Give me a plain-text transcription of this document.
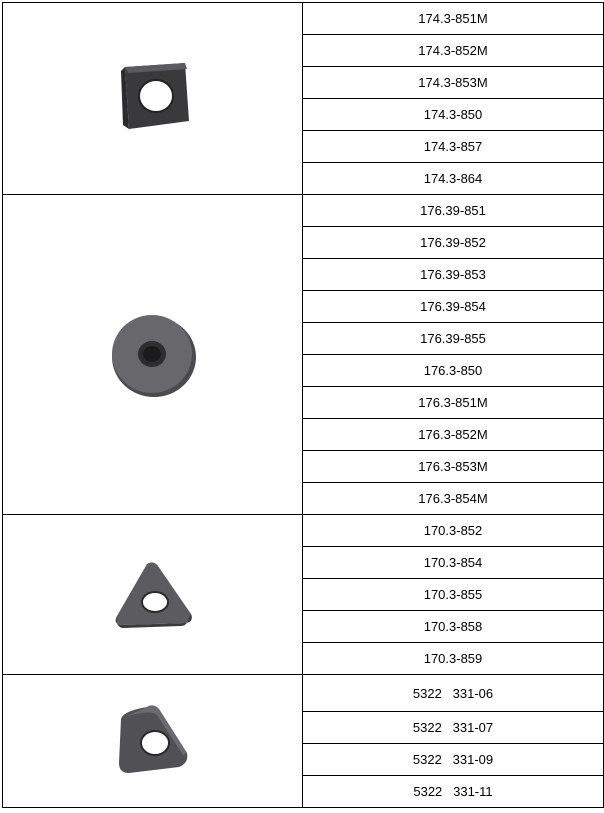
	174.3-851M
	174.3-852M
	174.3-853M
	174.3-850
	174.3-857
	174.3-864

	176.39-851
	176.39-852
	176.39-853
	176.39-854
	176.39-855
	176.3-850
	176.3-851M
	176.3-852M
	176.3-853M
	176.3-854M

	170.3-852
	170.3-854
	170.3-855
	170.3-858
	170.3-859

	5322   331-06
	5322   331-07
	5322   331-09
	5322   331-11
